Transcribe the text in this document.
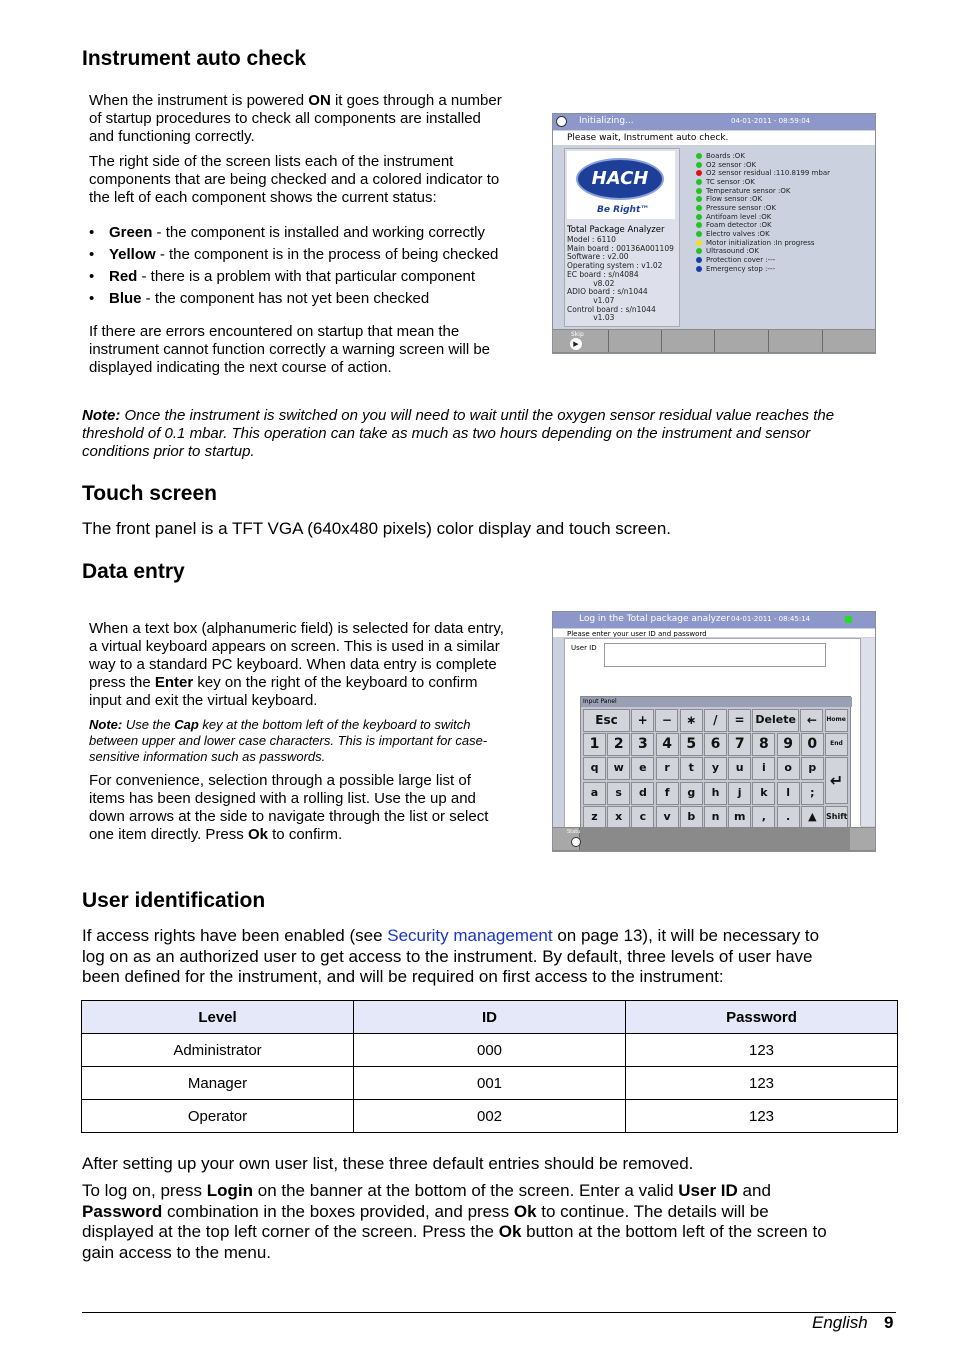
Instrument auto check

When the instrument is powered ON it goes through a number
of startup procedures to check all components are installed
and functioning correctly.

The right side of the screen lists each of the instrument
components that are being checked and a colored indicator to
the left of each component shows the current status:

• Green - the component is installed and working correctly
• Yellow - the component is in the process of being checked
• Red - there is a problem with that particular component
• Blue - the component has not yet been checked

If there are errors encountered on startup that mean the
instrument cannot function correctly a warning screen will be
displayed indicating the next course of action.

Initializing...	04-01-2011 - 08:59:04
Please wait, Instrument auto check.
HACH
Be Right™
Total Package Analyzer
Model : 6110
Main board : 00136A001109
Software : v2.00
Operating system : v1.02
EC board : s/n4084
v8.02
ADIO board : s/n1044
v1.07
Control board : s/n1044
v1.03
Boards :OK
O2 sensor :OK
O2 sensor residual :110.8199 mbar
TC sensor :OK
Temperature sensor :OK
Flow sensor :OK
Pressure sensor :OK
Antifoam level :OK
Foam detector :OK
Electro valves :OK
Motor initialization :In progress
Ultrasound :OK
Protection cover :---
Emergency stop :---
Skip
▶

Note: Once the instrument is switched on you will need to wait until the oxygen sensor residual value reaches the
threshold of 0.1 mbar. This operation can take as much as two hours depending on the instrument and sensor
conditions prior to startup.

Touch screen

The front panel is a TFT VGA (640x480 pixels) color display and touch screen.

Data entry

When a text box (alphanumeric field) is selected for data entry,
a virtual keyboard appears on screen. This is used in a similar
way to a standard PC keyboard. When data entry is complete
press the Enter key on the right of the keyboard to confirm
input and exit the virtual keyboard.

Note: Use the Cap key at the bottom left of the keyboard to switch
between upper and lower case characters. This is important for case-
sensitive information such as passwords.

For convenience, selection through a possible large list of
items has been designed with a rolling list. Use the up and
down arrows at the side to navigate through the list or select
one item directly. Press Ok to confirm.

Log in the Total package analyzer 04-01-2011 - 08:45:14
Please enter your user ID and password
User ID
Input Panel
Esc	+	−	∗	/	= Delete ←	Home
1	2	3	4	5	6	7	8	9	0	End
q	w	e	r	t	y	u	i	o	p
a	s	d	f	g	h	j	k	l	;
↵
z	x	c	v	b	n	m	,	.	▲	Shift
Statu
User identification

If access rights have been enabled (see Security management on page 13), it will be necessary to
log on as an authorized user to get access to the instrument. By default, three levels of user have
been defined for the instrument, and will be required on first access to the instrument:

Level	ID	Password
Administrator	000	123
Manager	001	123
Operator	002	123

After setting up your own user list, these three default entries should be removed.

To log on, press Login on the banner at the bottom of the screen. Enter a valid User ID and
Password combination in the boxes provided, and press Ok to continue. The details will be
displayed at the top left corner of the screen. Press the Ok button at the bottom left of the screen to
gain access to the menu.

English 9
